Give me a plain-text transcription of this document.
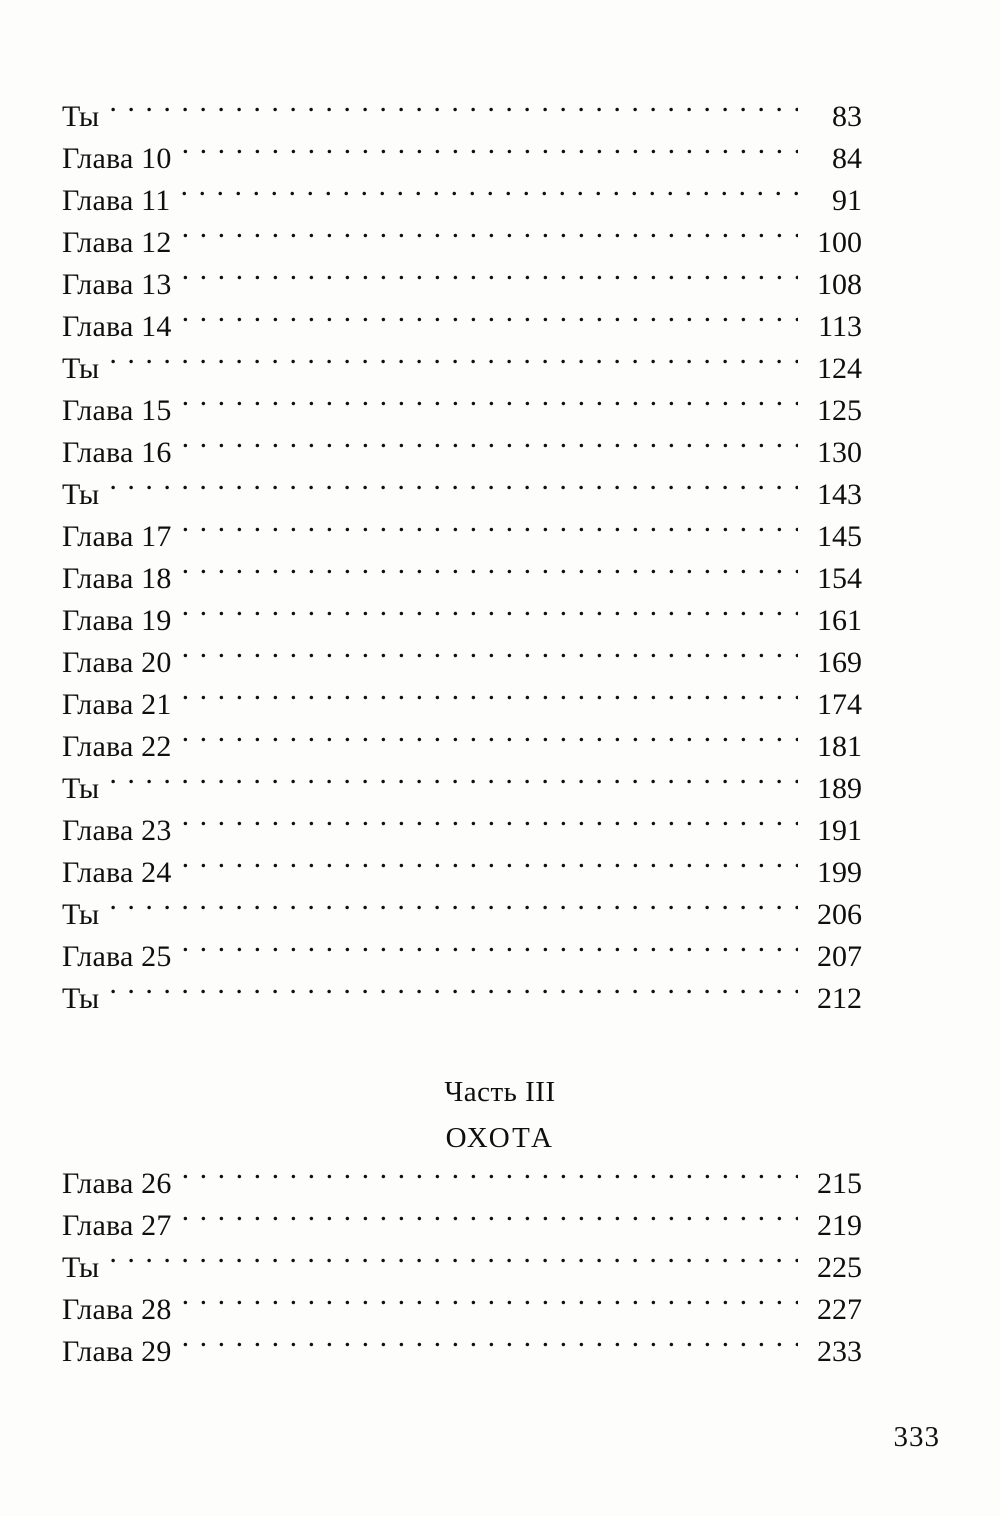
Ты . . .	83
Глава 10 . . .	84
Глава 11 . . .	91
Глава 12 . . .	100
Глава 13 . . .	108
Глава 14 . . .	113
Ты . . .	124
Глава 15 . . .	125
Глава 16 . . .	130
Ты . . .	143
Глава 17 . . .	145
Глава 18 . . .	154
Глава 19 . . .	161
Глава 20 . . .	169
Глава 21 . . .	174
Глава 22 . . .	181
Ты . . .	189
Глава 23 . . .	191
Глава 24 . . .	199
Ты . . .	206
Глава 25 . . .	207
Ты . . .	212
Часть III
ОХОТА
Глава 26 . . .	215
Глава 27 . . .	219
Ты . . .	225
Глава 28 . . .	227
Глава 29 . . .	233
333
